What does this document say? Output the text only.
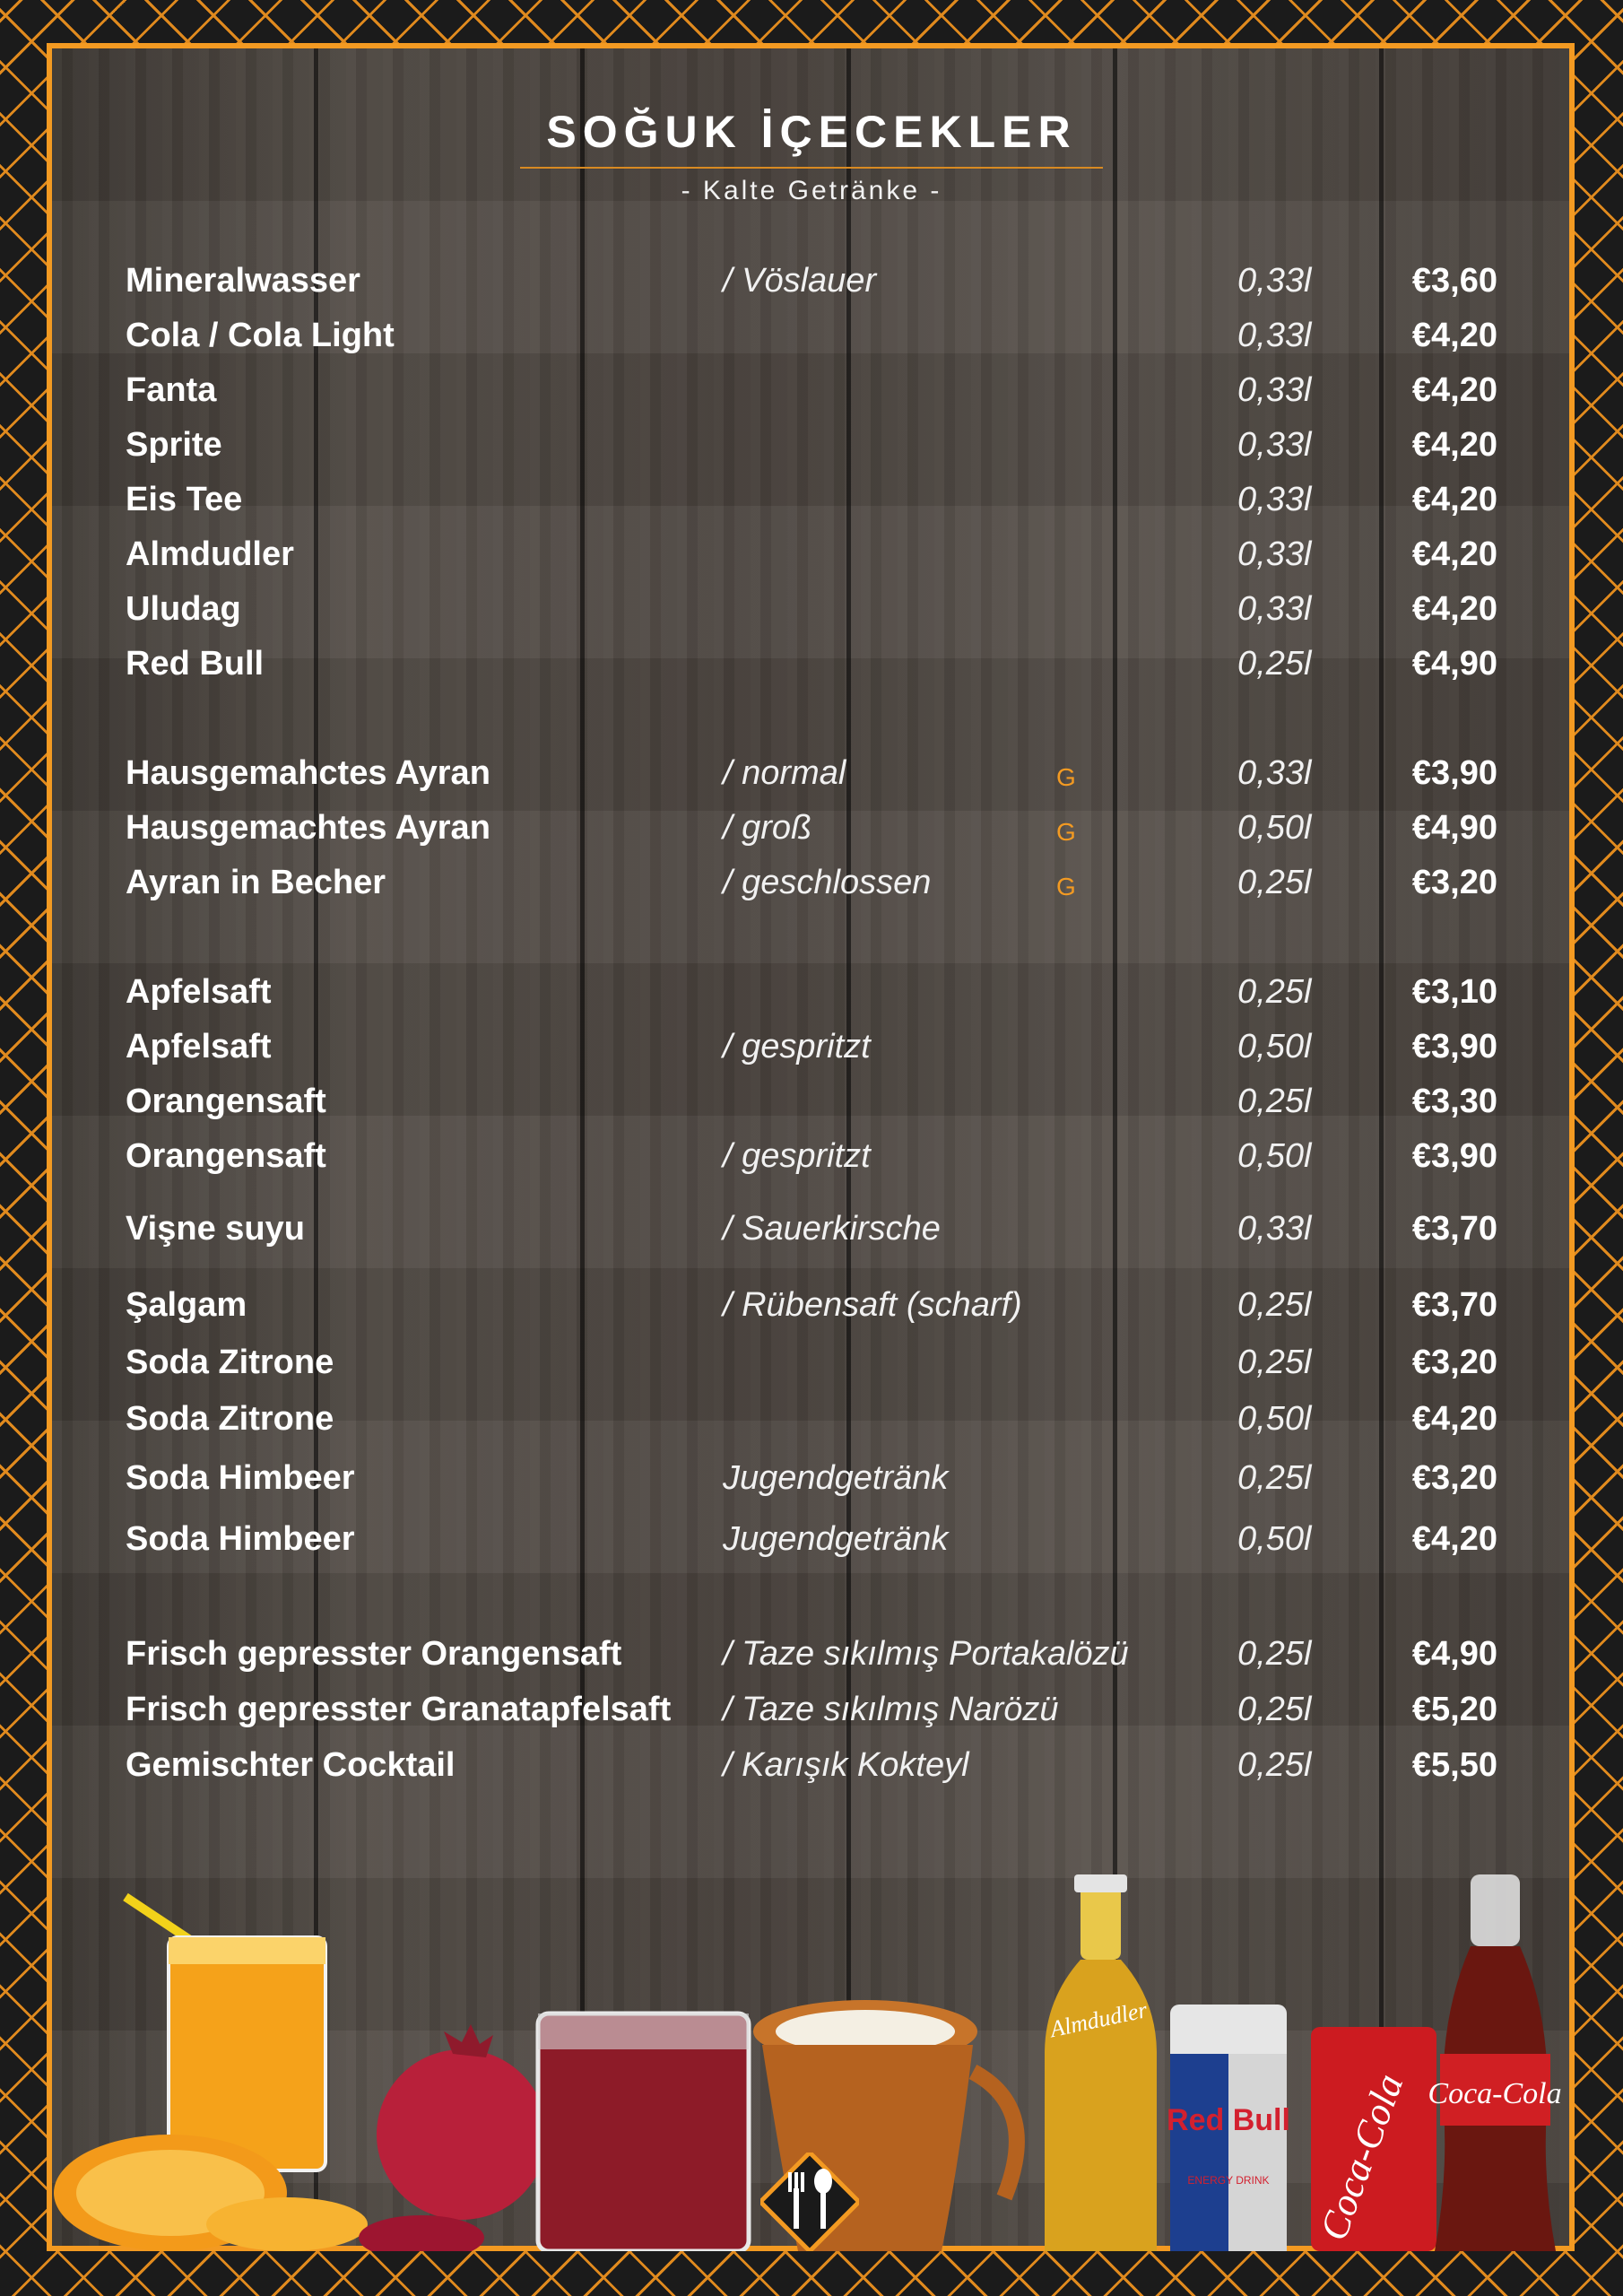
SOĞUK İÇECEKLER
- Kalte Getränke -
Mineralwasser	/ Vöslauer	0,33l	€3,60
Cola / Cola Light	0,33l	€4,20
Fanta	0,33l	€4,20
Sprite	0,33l	€4,20
Eis Tee	0,33l	€4,20
Almdudler	0,33l	€4,20
Uludag	0,33l	€4,20
Red Bull	0,25l	€4,90
Hausgemahctes Ayran	/ normal	G	0,33l	€3,90
Hausgemachtes Ayran	/ groß	G	0,50l	€4,90
Ayran in Becher	/ geschlossen	G	0,25l	€3,20
Apfelsaft	0,25l	€3,10
Apfelsaft	/ gespritzt	0,50l	€3,90
Orangensaft	0,25l	€3,30
Orangensaft	/ gespritzt	0,50l	€3,90
Vişne suyu	/ Sauerkirsche	0,33l	€3,70
Şalgam	/ Rübensaft (scharf)	0,25l	€3,70
Soda Zitrone	0,25l	€3,20
Soda Zitrone	0,50l	€4,20
Soda Himbeer	Jugendgetränk	0,25l	€3,20
Soda Himbeer	Jugendgetränk	0,50l	€4,20
Frisch gepresster Orangensaft	/ Taze sıkılmış Portakalözü	0,25l	€4,90
Frisch gepresster Granatapfelsaft / Taze sıkılmış Narözü	0,25l	€5,20
Gemischter Cocktail	/ Karışık Kokteyl	0,25l	€5,50
Almdudler
Red Bull
ENERGY DRINK Coca-Cola Coca-Cola
